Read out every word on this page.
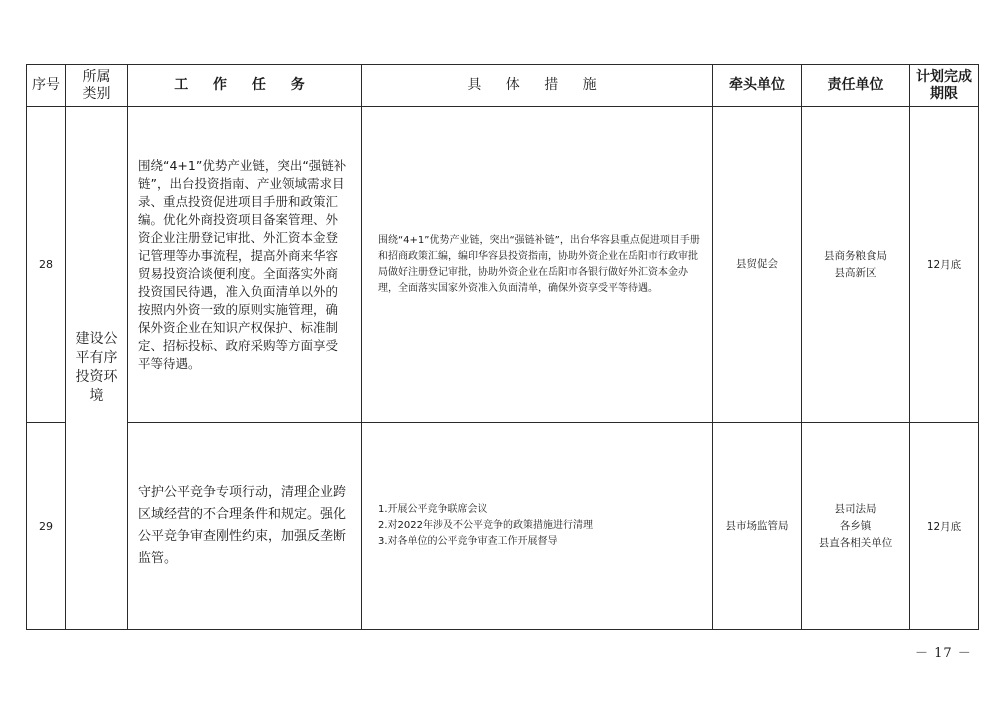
序号	所属类别	工 作 任 务	具 体 措 施	牵头单位	责任单位	计划完成期限
28	建设公平有序投资环境	围绕“4+1”优势产业链，突出“强链补链”，出台投资指南、产业领域需求目录、重点投资促进项目手册和政策汇编。优化外商投资项目备案管理、外资企业注册登记审批、外汇资本金登记管理等办事流程，提高外商来华容贸易投资洽谈便利度。全面落实外商投资国民待遇，准入负面清单以外的按照内外资一致的原则实施管理，确保外资企业在知识产权保护、标准制定、招标投标、政府采购等方面享受平等待遇。	围绕“4+1”优势产业链，突出“强链补链”，出台华容县重点促进项目手册和招商政策汇编，编印华容县投资指南，协助外资企业在岳阳市行政审批局做好注册登记审批，协助外资企业在岳阳市各银行做好外汇资本金办理，全面落实国家外资准入负面清单，确保外资享受平等待遇。	县贸促会	县商务粮食局
县高新区	12月底
29		守护公平竞争专项行动，清理企业跨区域经营的不合理条件和规定。强化公平竞争审查刚性约束，加强反垄断监管。	1.开展公平竞争联席会议
2.对2022年涉及不公平竞争的政策措施进行清理
3.对各单位的公平竞争审查工作开展督导	县市场监管局	县司法局
各乡镇
县直各相关单位	12月底
－ 17 －
